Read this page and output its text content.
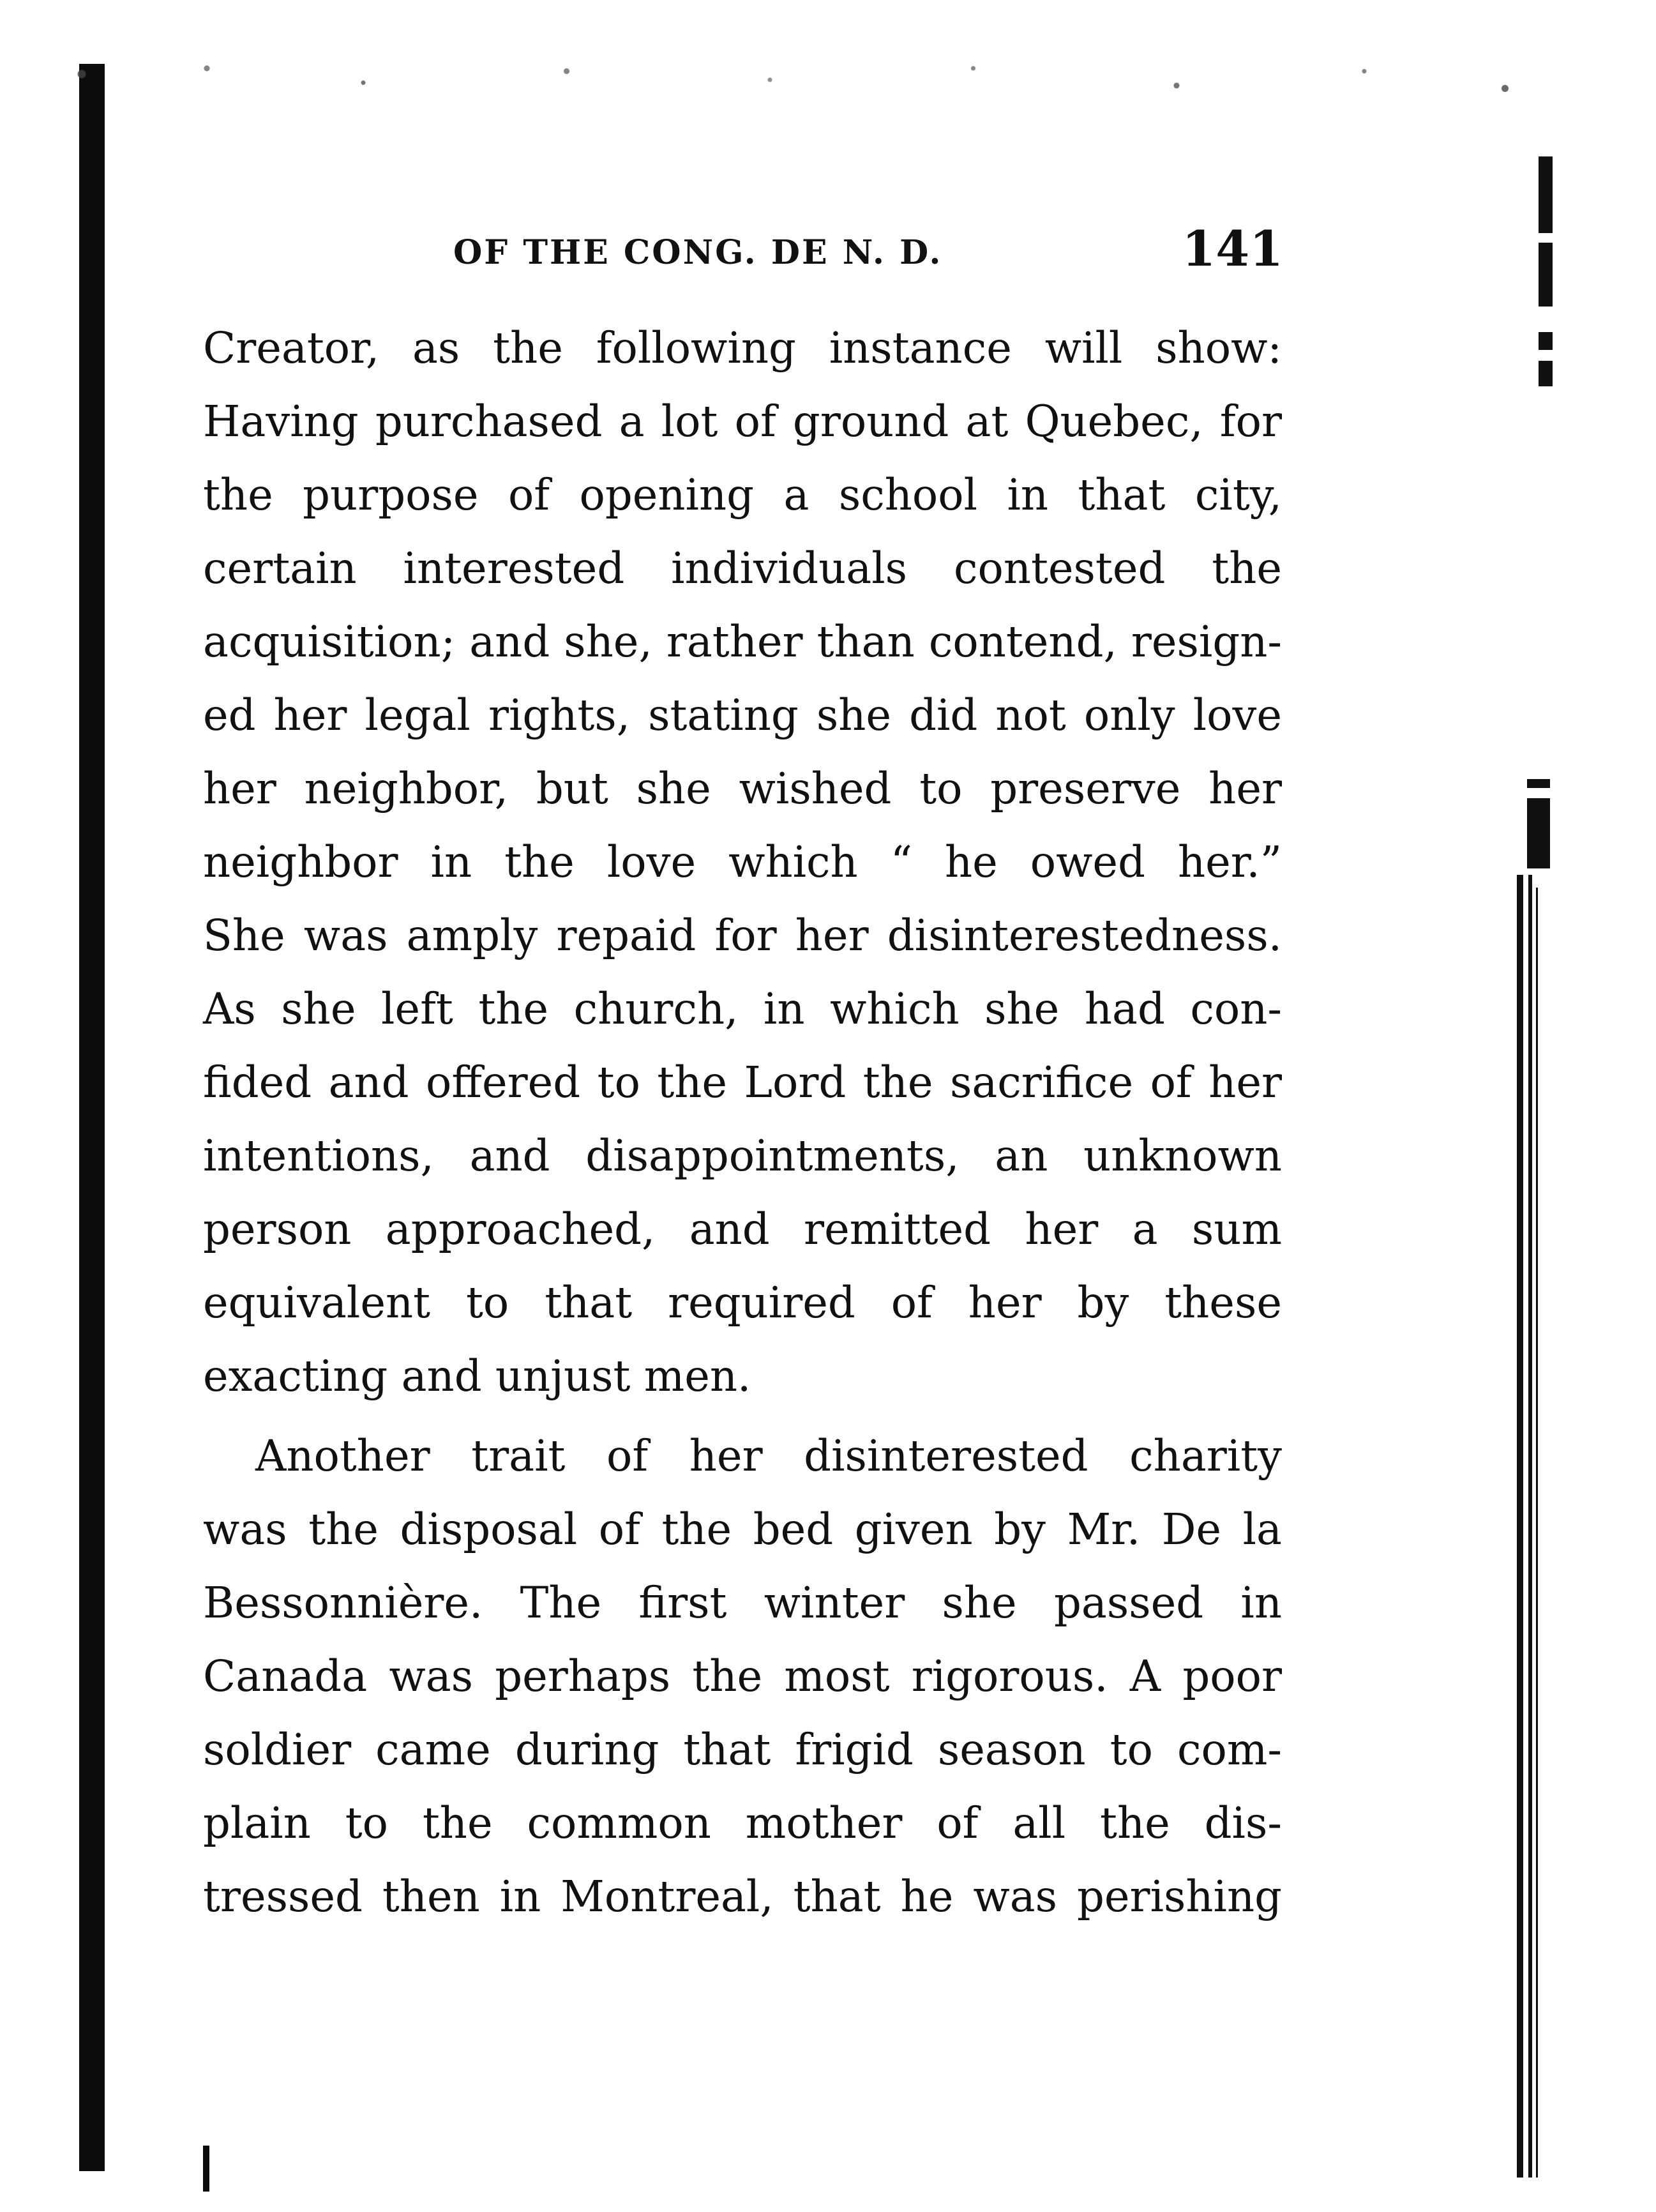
OF THE CONG. DE N. D.	141
Creator, as the following instance will show:
Having purchased a lot of ground at Quebec, for
the purpose of opening a school in that city,
certain interested individuals contested the
acquisition; and she, rather than contend, resign-
ed her legal rights, stating she did not only love
her neighbor, but she wished to preserve her
neighbor in the love which “ he owed her.”
She was amply repaid for her disinterestedness.
As she left the church, in which she had con-
fided and offered to the Lord the sacrifice of her
intentions, and disappointments, an unknown
person approached, and remitted her a sum
equivalent to that required of her by these
exacting and unjust men.
Another trait of her disinterested charity
was the disposal of the bed given by Mr. De la
Bessonnière. The first winter she passed in
Canada was perhaps the most rigorous. A poor
soldier came during that frigid season to com-
plain to the common mother of all the dis-
tressed then in Montreal, that he was perishing
